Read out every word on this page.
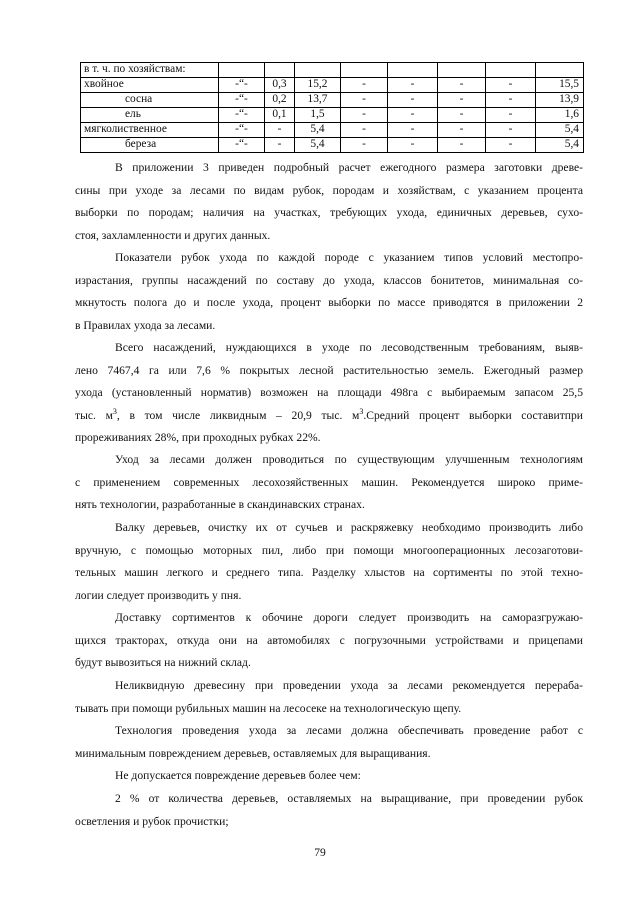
в т. ч. по хозяйствам:								
хвойное	-“-	0,3	15,2	-	-	-	-	15,5
сосна	-“-	0,2	13,7	-	-	-	-	13,9
ель	-“-	0,1	1,5	-	-	-	-	1,6
мягколиственное	-“-	-	5,4	-	-	-	-	5,4
береза	-“-	-	5,4	-	-	-	-	5,4
В приложении 3 приведен подробный расчет ежегодного размера заготовки древе-
сины при уходе за лесами по видам рубок, породам и хозяйствам, с указанием процента
выборки по породам; наличия на участках, требующих ухода, единичных деревьев, сухо-
стоя, захламленности и других данных.
Показатели рубок ухода по каждой породе с указанием типов условий местопро-
израстания, группы насаждений по составу до ухода, классов бонитетов, минимальная со-
мкнутость полога до и после ухода, процент выборки по массе приводятся в приложении 2
в Правилах ухода за лесами.
Всего насаждений, нуждающихся в уходе по лесоводственным требованиям, выяв-
лено 7467,4 га или 7,6 % покрытых лесной растительностью земель. Ежегодный размер
ухода (установленный норматив) возможен на площади 498га с выбираемым запасом 25,5
тыс. $м^3$, в том числе ликвидным – 20,9 тыс. $м^3.Средний$ процент выборки составитпри
прореживаниях 28%, при проходных рубках 22%.
Уход за лесами должен проводиться по существующим улучшенным технологиям
с применением современных лесохозяйственных машин. Рекомендуется широко приме-
нять технологии, разработанные в скандинавских странах.
Валку деревьев, очистку их от сучьев и раскряжевку необходимо производить либо
вручную, с помощью моторных пил, либо при помощи многооперационных лесозаготови-
тельных машин легкого и среднего типа. Разделку хлыстов на сортименты по этой техно-
логии следует производить у пня.
Доставку сортиментов к обочине дороги следует производить на саморазгружаю-
щихся тракторах, откуда они на автомобилях с погрузочными устройствами и прицепами
будут вывозиться на нижний склад.
Неликвидную древесину при проведении ухода за лесами рекомендуется перераба-
тывать при помощи рубильных машин на лесосеке на технологическую щепу.
Технология проведения ухода за лесами должна обеспечивать проведение работ с
минимальным повреждением деревьев, оставляемых для выращивания.
Не допускается повреждение деревьев более чем:
2 % от количества деревьев, оставляемых на выращивание, при проведении рубок
осветления и рубок прочистки;
79
